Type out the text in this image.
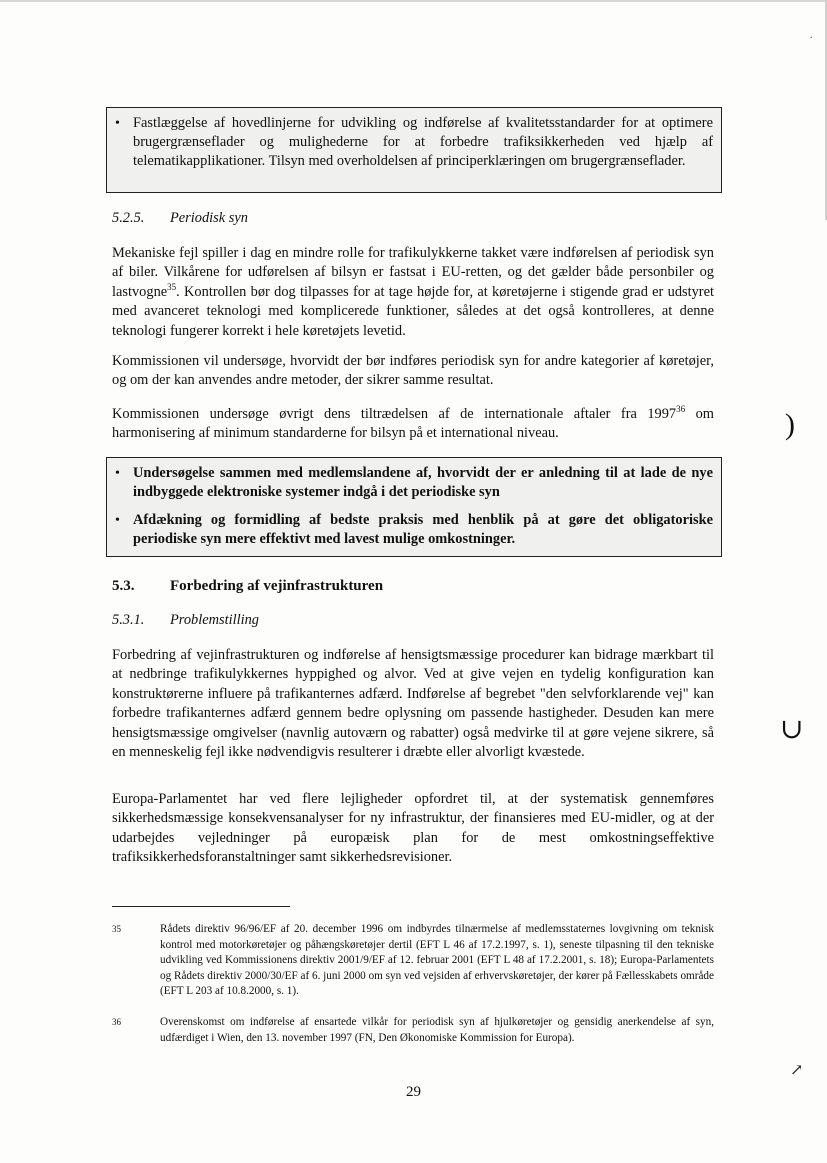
.
)
∪
↗
• Fastlæggelse af hovedlinjerne for udvikling og indførelse af kvalitetsstandarder for at optimere brugergrænseflader og mulighederne for at forbedre trafiksikkerheden ved hjælp af telematikapplikationer. Tilsyn med overholdelsen af principerklæringen om brugergrænseflader.
5.2.5. Periodisk syn
Mekaniske fejl spiller i dag en mindre rolle for trafikulykkerne takket være indførelsen af periodisk syn af biler. Vilkårene for udførelsen af bilsyn er fastsat i EU-retten, og det gælder både personbiler og lastvogne$^{35}$. Kontrollen bør dog tilpasses for at tage højde for, at køretøjerne i stigende grad er udstyret med avanceret teknologi med komplicerede funktioner, således at det også kontrolleres, at denne teknologi fungerer korrekt i hele køretøjets levetid.
Kommissionen vil undersøge, hvorvidt der bør indføres periodisk syn for andre kategorier af køretøjer, og om der kan anvendes andre metoder, der sikrer samme resultat.
Kommissionen undersøge øvrigt dens tiltrædelsen af de internationale aftaler fra 1997$^{36}$ om harmonisering af minimum standarderne for bilsyn på et international niveau.
• Undersøgelse sammen med medlemslandene af, hvorvidt der er anledning til at lade de nye indbyggede elektroniske systemer indgå i det periodiske syn
• Afdækning og formidling af bedste praksis med henblik på at gøre det obligatoriske periodiske syn mere effektivt med lavest mulige omkostninger.
5.3. Forbedring af vejinfrastrukturen
5.3.1. Problemstilling
Forbedring af vejinfrastrukturen og indførelse af hensigtsmæssige procedurer kan bidrage mærkbart til at nedbringe trafikulykkernes hyppighed og alvor. Ved at give vejen en tydelig konfiguration kan konstruktørerne influere på trafikanternes adfærd. Indførelse af begrebet "den selvforklarende vej" kan forbedre trafikanternes adfærd gennem bedre oplysning om passende hastigheder. Desuden kan mere hensigtsmæssige omgivelser (navnlig autoværn og rabatter) også medvirke til at gøre vejene sikrere, så en menneskelig fejl ikke nødvendigvis resulterer i dræbte eller alvorligt kvæstede.
Europa-Parlamentet har ved flere lejligheder opfordret til, at der systematisk gennemføres sikkerhedsmæssige konsekvensanalyser for ny infrastruktur, der finansieres med EU-midler, og at der udarbejdes vejledninger på europæisk plan for de mest omkostningseffektive trafiksikkerhedsforanstaltninger samt sikkerhedsrevisioner.
35	Rådets direktiv 96/96/EF af 20. december 1996 om indbyrdes tilnærmelse af medlemsstaternes lovgivning om teknisk kontrol med motorkøretøjer og påhængskøretøjer dertil (EFT L 46 af 17.2.1997, s. 1), seneste tilpasning til den tekniske udvikling ved Kommissionens direktiv 2001/9/EF af 12. februar 2001 (EFT L 48 af 17.2.2001, s. 18); Europa-Parlamentets og Rådets direktiv 2000/30/EF af 6. juni 2000 om syn ved vejsiden af erhvervskøretøjer, der kører på Fællesskabets område (EFT L 203 af 10.8.2000, s. 1).
36	Overenskomst om indførelse af ensartede vilkår for periodisk syn af hjulkøretøjer og gensidig anerkendelse af syn, udfærdiget i Wien, den 13. november 1997 (FN, Den Økonomiske Kommission for Europa).
29
